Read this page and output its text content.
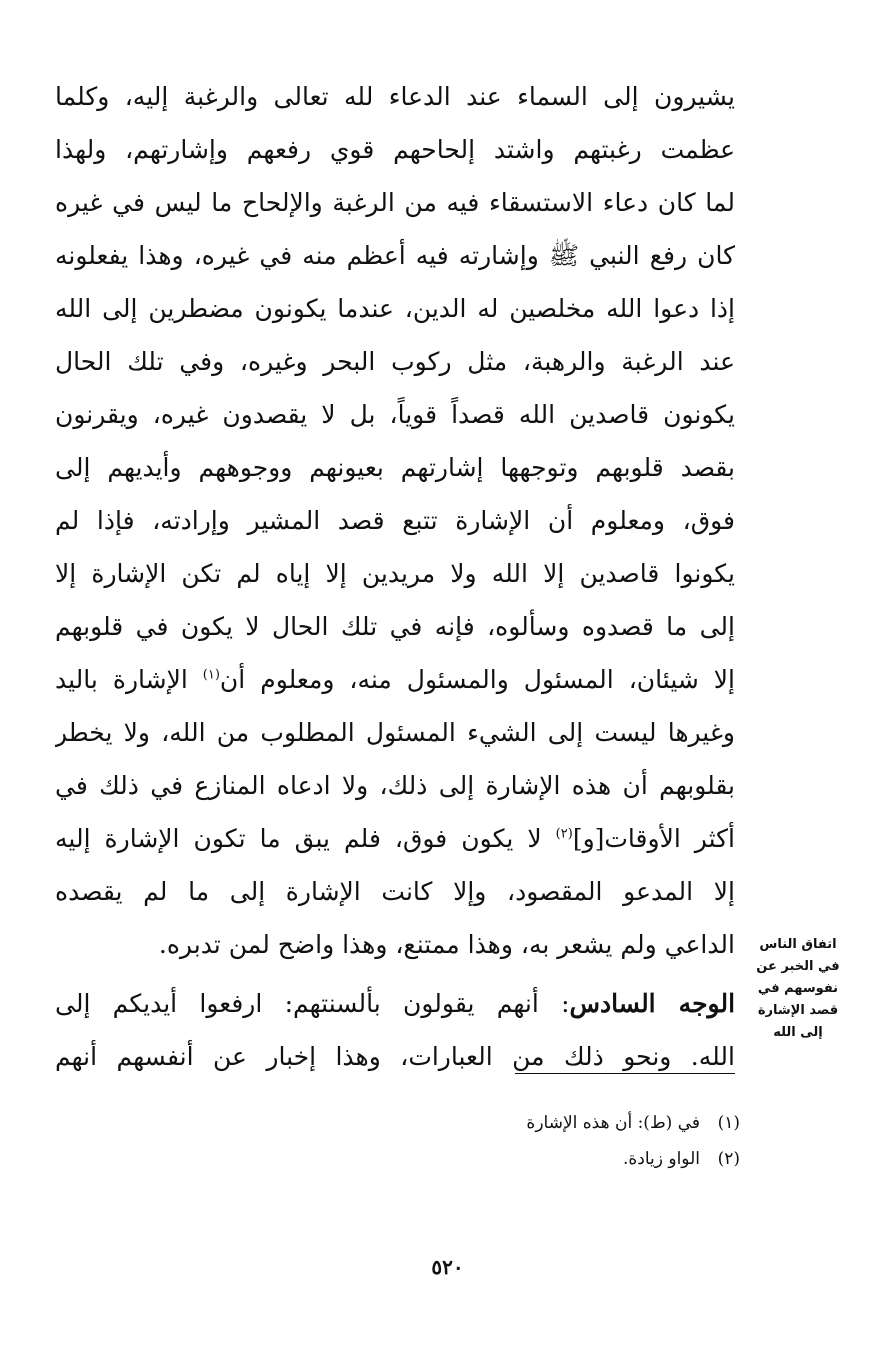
يشيرون إلى السماء عند الدعاء لله تعالى والرغبة إليه، وكلما
عظمت رغبتهم واشتد إلحاحهم قوي رفعهم وإشارتهم، ولهذا
لما كان دعاء الاستسقاء فيه من الرغبة والإلحاح ما ليس في غيره
كان رفع النبي ﷺ وإشارته فيه أعظم منه في غيره، وهذا يفعلونه
إذا دعوا الله مخلصين له الدين، عندما يكونون مضطرين إلى الله
عند الرغبة والرهبة، مثل ركوب البحر وغيره، وفي تلك الحال
يكونون قاصدين الله قصداً قوياً، بل لا يقصدون غيره، ويقرنون
بقصد قلوبهم وتوجهها إشارتهم بعيونهم ووجوههم وأيديهم إلى
فوق، ومعلوم أن الإشارة تتبع قصد المشير وإرادته، فإذا لم
يكونوا قاصدين إلا الله ولا مريدين إلا إياه لم تكن الإشارة إلا
إلى ما قصدوه وسألوه، فإنه في تلك الحال لا يكون في قلوبهم
إلا شيئان، المسئول والمسئول منه، ومعلوم أن$^{(١)}$ الإشارة باليد
وغيرها ليست إلى الشيء المسئول المطلوب من الله، ولا يخطر
بقلوبهم أن هذه الإشارة إلى ذلك، ولا ادعاه المنازع في ذلك في
أكثر الأوقات[و]$^{(٢)}$ لا يكون فوق، فلم يبق ما تكون الإشارة إليه
إلا المدعو المقصود، وإلا كانت الإشارة إلى ما لم يقصده
الداعي ولم يشعر به، وهذا ممتنع، وهذا واضح لمن تدبره.
الوجه السادس: أنهم يقولون بألسنتهم: ارفعوا أيديكم إلى
الله. ونحو ذلك من العبارات، وهذا إخبار عن أنفسهم أنهم
اتفاق الناس
في الخبر عن
نفوسهم في
قصد الإشارة
إلى الله
(١)في (ط): أن هذه الإشارة
(٢)الواو زيادة.
٥٢٠
